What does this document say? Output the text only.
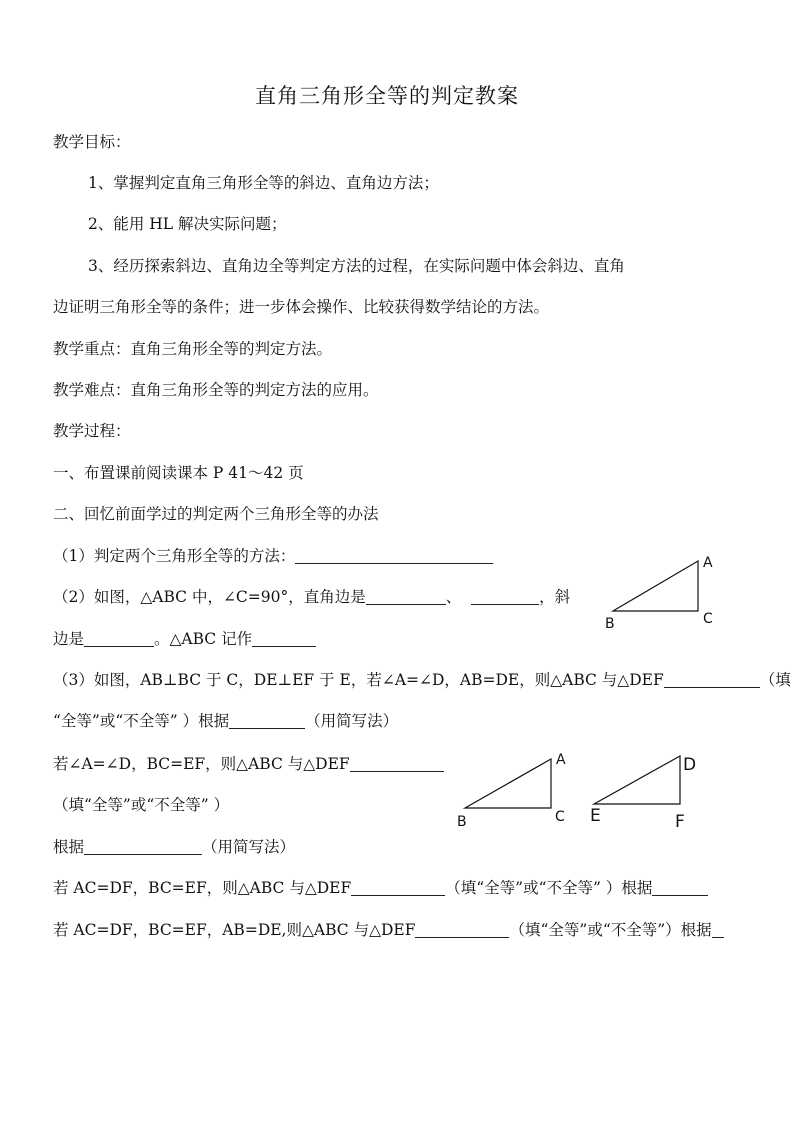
直角三角形全等的判定教案
教学目标：
1、掌握判定直角三角形全等的斜边、直角边方法；
2、能用 HL 解决实际问题；
3、经历探索斜边、直角边全等判定方法的过程，在实际问题中体会斜边、直角
边证明三角形全等的条件；进一步体会操作、比较获得数学结论的方法。
教学重点：直角三角形全等的判定方法。
教学难点：直角三角形全等的判定方法的应用。
教学过程：
一、布置课前阅读课本 P 41～42 页
二、回忆前面学过的判定两个三角形全等的办法
（1）判定两个三角形全等的方法：
（2）如图，△ABC 中，∠C=90°，直角边是	、	，斜
边是	。△ABC 记作
A
B	C
（3）如图，AB⊥BC 于 C，DE⊥EF 于 E，若∠A=∠D，AB=DE，则△ABC 与△DEF	（填
“全等”或“不全等” ）根据	（用简写法）
若∠A=∠D，BC=EF，则△ABC 与△DEF
（填“全等”或“不全等” ）
根据	（用简写法）
A
B	C
D
E	F
若 AC=DF，BC=EF，则△ABC 与△DEF	（填“全等”或“不全等” ）根据
若 AC=DF，BC=EF，AB=DE,则△ABC 与△DEF	（填“全等”或“不全等”）根据
